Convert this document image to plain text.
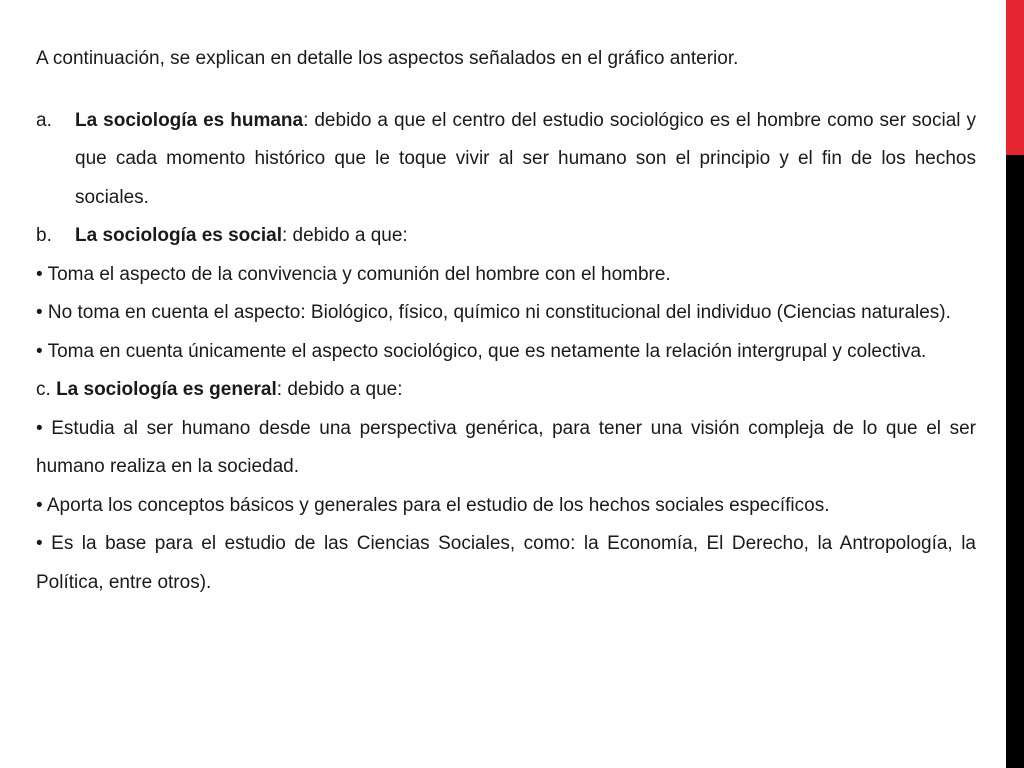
A continuación, se explican en detalle los aspectos señalados en el gráfico anterior.

a.	La sociología es humana: debido a que el centro del estudio sociológico es el hombre como ser social y que cada momento histórico que le toque vivir al ser humano son el principio y el fin de los hechos sociales.
b.	La sociología es social: debido a que:

• Toma el aspecto de la convivencia y comunión del hombre con el hombre.

• No toma en cuenta el aspecto: Biológico, físico, químico ni constitucional del individuo (Ciencias naturales).

• Toma en cuenta únicamente el aspecto sociológico, que es netamente la relación intergrupal y colectiva.

c. La sociología es general: debido a que:

• Estudia al ser humano desde una perspectiva genérica, para tener una visión compleja de lo que el ser humano realiza en la sociedad.

• Aporta los conceptos básicos y generales para el estudio de los hechos sociales específicos.

• Es la base para el estudio de las Ciencias Sociales, como: la Economía, El Derecho, la Antropología, la Política, entre otros).
